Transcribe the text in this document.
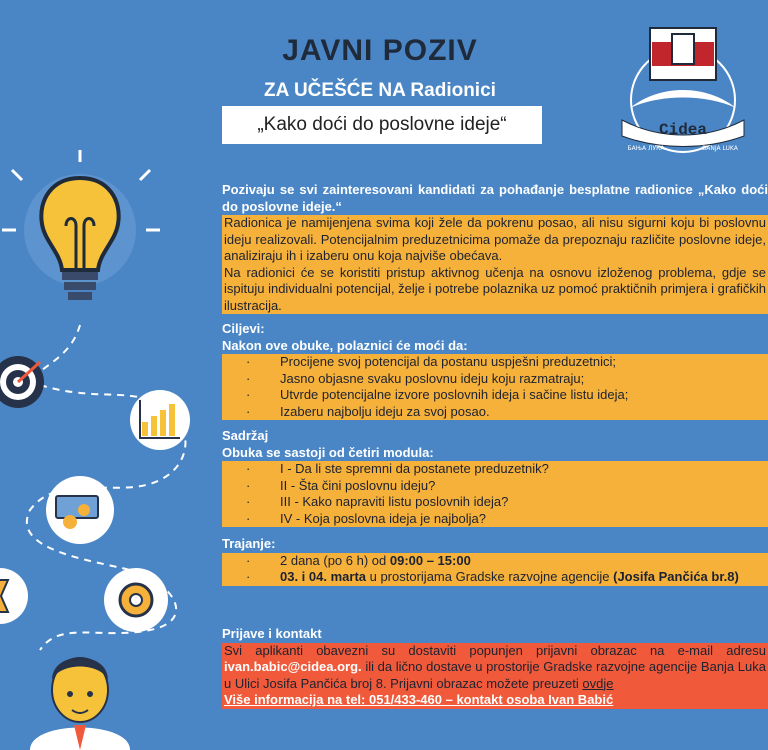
JAVNI POZIV
ZA UČEŠĆE NA Radionici
„Kako doći do poslovne ideje“	Cidea
БАЊА ЛУКА	BANJA LUKA
Pozivaju se svi zainteresovani kandidati za pohađanje besplatne radionice „Kako doći do poslovne ideje.“
Radionica je namijenjena svima koji žele da pokrenu posao, ali nisu sigurni koju bi poslovnu ideju realizovali. Potencijalnim preduzetnicima pomaže da prepoznaju različite poslovne ideje, analiziraju ih i izaberu onu koja najviše obećava.
Na radionici će se koristiti pristup aktivnog učenja na osnovu izloženog problema, gdje se ispituju individualni potencijal, želje i potrebe polaznika uz pomoć praktičnih primjera i grafičkih ilustracija.
Ciljevi:
Nakon ove obuke, polaznici će moći da:
·	Procijene svoj potencijal da postanu uspješni preduzetnici;
·	Jasno objasne svaku poslovnu ideju koju razmatraju;
·	Utvrde potencijalne izvore poslovnih ideja i sačine listu ideja;
·	Izaberu najbolju ideju za svoj posao.
Sadržaj
Obuka se sastoji od četiri modula:
·	I - Da li ste spremni da postanete preduzetnik?
·	II - Šta čini poslovnu ideju?
·	III - Kako napraviti listu poslovnih ideja?
·	IV - Koja poslovna ideja je najbolja?
Trajanje:
·	2 dana (po 6 h) od 09:00 – 15:00
·	03. i 04. marta u prostorijama Gradske razvojne agencije (Josifa Pančića br.8)
Prijave i kontakt
Svi aplikanti obavezni su dostaviti popunjen prijavni obrazac na e-mail adresu ivan.babic@cidea.org. ili da lično dostave u prostorije Gradske razvojne agencije Banja Luka u Ulici Josifa Pančića broj 8. Prijavni obrazac možete preuzeti ovdje
Više informacija na tel: 051/433-460 – kontakt osoba Ivan Babić
